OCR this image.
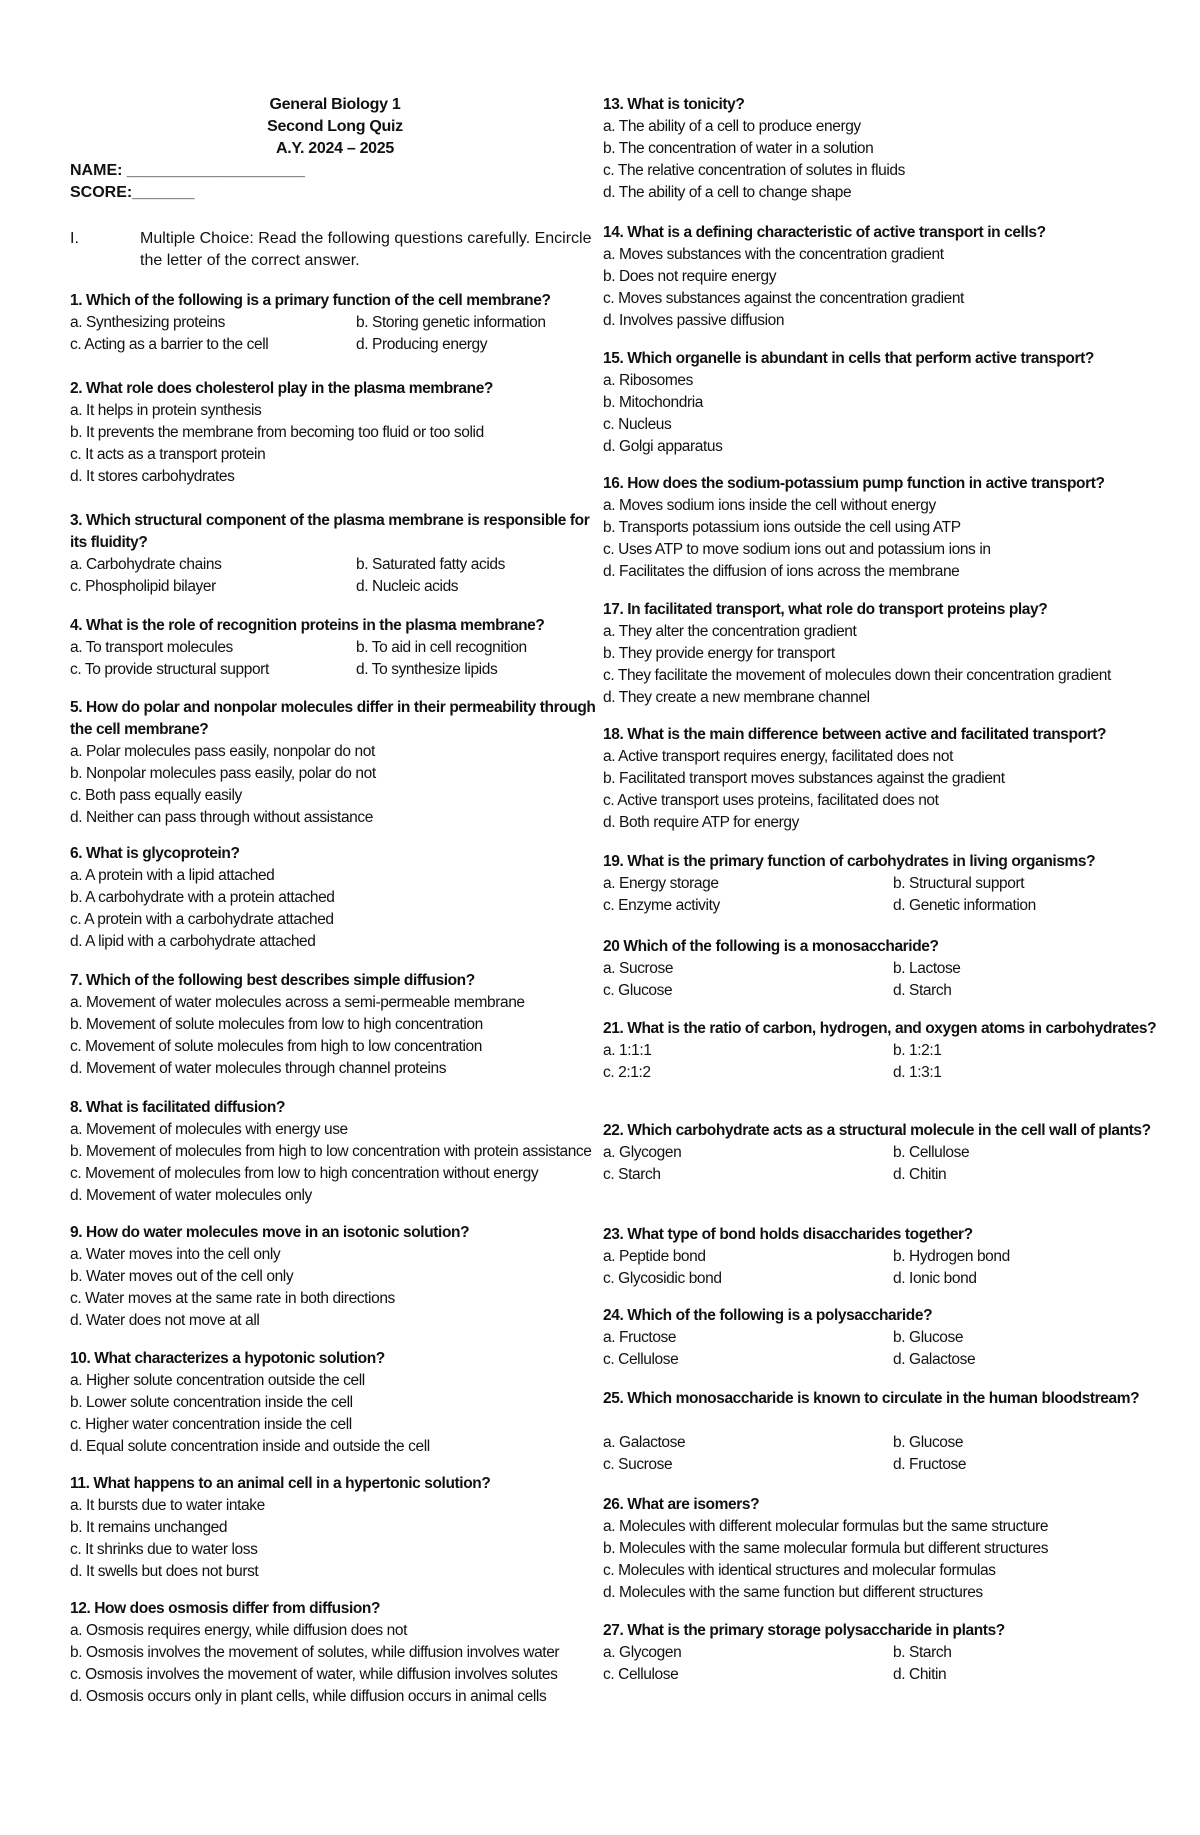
General Biology 1
Second Long Quiz
A.Y. 2024 – 2025
NAME: ____________________
SCORE:_______
I.	Multiple Choice: Read the following questions carefully. Encircle the letter of the correct answer.
1. Which of the following is a primary function of the cell membrane?
a. Synthesizing proteins	b. Storing genetic information
c. Acting as a barrier to the cell	d. Producing energy
2. What role does cholesterol play in the plasma membrane?
a. It helps in protein synthesis
b. It prevents the membrane from becoming too fluid or too solid
c. It acts as a transport protein
d. It stores carbohydrates
3. Which structural component of the plasma membrane is responsible for its fluidity?
a. Carbohydrate chains	b. Saturated fatty acids
c. Phospholipid bilayer	d. Nucleic acids
4. What is the role of recognition proteins in the plasma membrane?
a. To transport molecules	b. To aid in cell recognition
c. To provide structural support	d. To synthesize lipids
5. How do polar and nonpolar molecules differ in their permeability through the cell membrane?
a. Polar molecules pass easily, nonpolar do not
b. Nonpolar molecules pass easily, polar do not
c. Both pass equally easily
d. Neither can pass through without assistance
6. What is glycoprotein?
a. A protein with a lipid attached
b. A carbohydrate with a protein attached
c. A protein with a carbohydrate attached
d. A lipid with a carbohydrate attached
7. Which of the following best describes simple diffusion?
a. Movement of water molecules across a semi-permeable membrane
b. Movement of solute molecules from low to high concentration
c. Movement of solute molecules from high to low concentration
d. Movement of water molecules through channel proteins
8. What is facilitated diffusion?
a. Movement of molecules with energy use
b. Movement of molecules from high to low concentration with protein assistance
c. Movement of molecules from low to high concentration without energy
d. Movement of water molecules only
9. How do water molecules move in an isotonic solution?
a. Water moves into the cell only
b. Water moves out of the cell only
c. Water moves at the same rate in both directions
d. Water does not move at all
10. What characterizes a hypotonic solution?
a. Higher solute concentration outside the cell
b. Lower solute concentration inside the cell
c. Higher water concentration inside the cell
d. Equal solute concentration inside and outside the cell
11. What happens to an animal cell in a hypertonic solution?
a. It bursts due to water intake
b. It remains unchanged
c. It shrinks due to water loss
d. It swells but does not burst
12. How does osmosis differ from diffusion?
a. Osmosis requires energy, while diffusion does not
b. Osmosis involves the movement of solutes, while diffusion involves water
c. Osmosis involves the movement of water, while diffusion involves solutes
d. Osmosis occurs only in plant cells, while diffusion occurs in animal cells
13. What is tonicity?
a. The ability of a cell to produce energy
b. The concentration of water in a solution
c. The relative concentration of solutes in fluids
d. The ability of a cell to change shape
14. What is a defining characteristic of active transport in cells?
a. Moves substances with the concentration gradient
b. Does not require energy
c. Moves substances against the concentration gradient
d. Involves passive diffusion
15. Which organelle is abundant in cells that perform active transport?
a. Ribosomes
b. Mitochondria
c. Nucleus
d. Golgi apparatus
16. How does the sodium-potassium pump function in active transport?
a. Moves sodium ions inside the cell without energy
b. Transports potassium ions outside the cell using ATP
c. Uses ATP to move sodium ions out and potassium ions in
d. Facilitates the diffusion of ions across the membrane
17. In facilitated transport, what role do transport proteins play?
a. They alter the concentration gradient
b. They provide energy for transport
c. They facilitate the movement of molecules down their concentration gradient
d. They create a new membrane channel
18. What is the main difference between active and facilitated transport?
a. Active transport requires energy, facilitated does not
b. Facilitated transport moves substances against the gradient
c. Active transport uses proteins, facilitated does not
d. Both require ATP for energy
19. What is the primary function of carbohydrates in living organisms?
a. Energy storage	b. Structural support
c. Enzyme activity	d. Genetic information
20 Which of the following is a monosaccharide?
a. Sucrose	b. Lactose
c. Glucose	d. Starch
21. What is the ratio of carbon, hydrogen, and oxygen atoms in carbohydrates?
a. 1:1:1	b. 1:2:1
c. 2:1:2	d. 1:3:1
22. Which carbohydrate acts as a structural molecule in the cell wall of plants?
a. Glycogen	b. Cellulose
c. Starch	d. Chitin
23. What type of bond holds disaccharides together?
a. Peptide bond	b. Hydrogen bond
c. Glycosidic bond	d. Ionic bond
24. Which of the following is a polysaccharide?
a. Fructose	b. Glucose
c. Cellulose	d. Galactose
25. Which monosaccharide is known to circulate in the human bloodstream?
a. Galactose	b. Glucose
c. Sucrose	d. Fructose
26. What are isomers?
a. Molecules with different molecular formulas but the same structure
b. Molecules with the same molecular formula but different structures
c. Molecules with identical structures and molecular formulas
d. Molecules with the same function but different structures
27. What is the primary storage polysaccharide in plants?
a. Glycogen	b. Starch
c. Cellulose	d. Chitin
